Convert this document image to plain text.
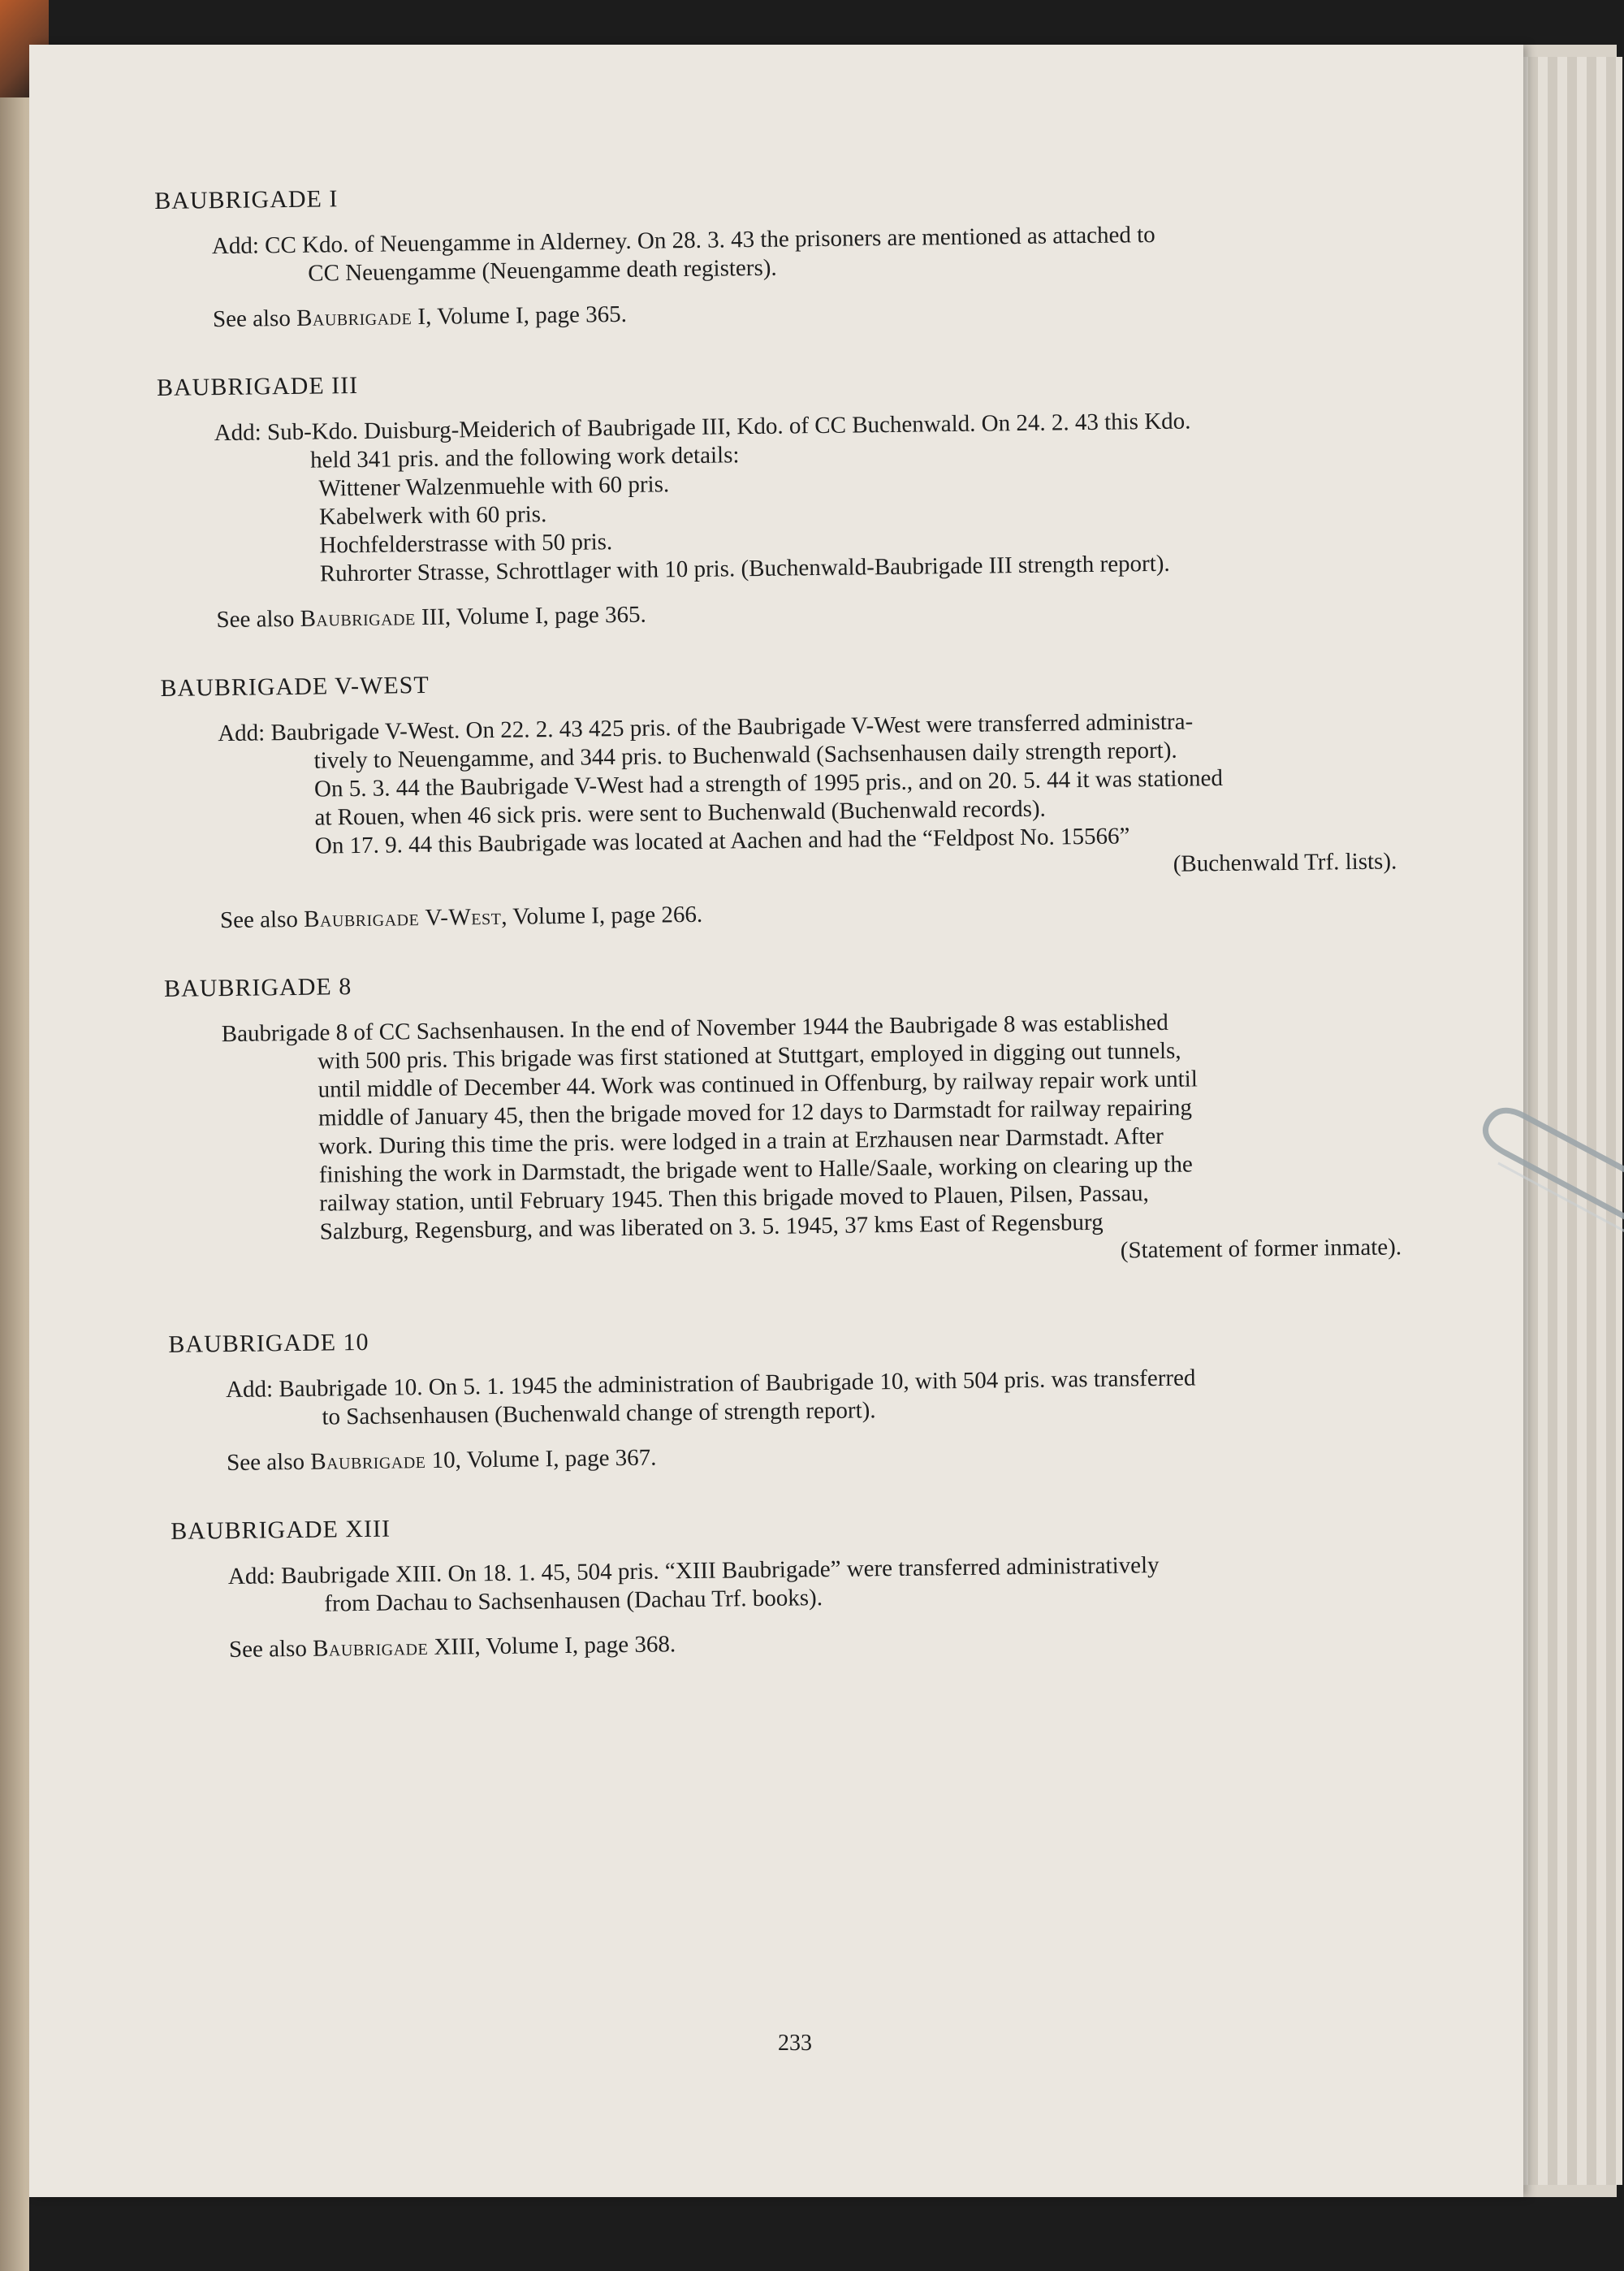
BAUBRIGADE I
Add: CC Kdo. of Neuengamme in Alderney. On 28. 3. 43 the prisoners are mentioned as attached to
CC Neuengamme (Neuengamme death registers).
See also Baubrigade I, Volume I, page 365.
BAUBRIGADE III
Add: Sub-Kdo. Duisburg-Meiderich of Baubrigade III, Kdo. of CC Buchenwald. On 24. 2. 43 this Kdo.
held 341 pris. and the following work details:
Wittener Walzenmuehle with 60 pris.
Kabelwerk with 60 pris.
Hochfelderstrasse with 50 pris.
Ruhrorter Strasse, Schrottlager with 10 pris. (Buchenwald-Baubrigade III strength report).
See also Baubrigade III, Volume I, page 365.
BAUBRIGADE V-WEST
Add: Baubrigade V-West. On 22. 2. 43 425 pris. of the Baubrigade V-West were transferred administra-
tively to Neuengamme, and 344 pris. to Buchenwald (Sachsenhausen daily strength report).
On 5. 3. 44 the Baubrigade V-West had a strength of 1995 pris., and on 20. 5. 44 it was stationed
at Rouen, when 46 sick pris. were sent to Buchenwald (Buchenwald records).
On 17. 9. 44 this Baubrigade was located at Aachen and had the “Feldpost No. 15566”
(Buchenwald Trf. lists).
See also Baubrigade V-West, Volume I, page 266.
BAUBRIGADE 8
Baubrigade 8 of CC Sachsenhausen. In the end of November 1944 the Baubrigade 8 was established
with 500 pris. This brigade was first stationed at Stuttgart, employed in digging out tunnels,
until middle of December 44. Work was continued in Offenburg, by railway repair work until
middle of January 45, then the brigade moved for 12 days to Darmstadt for railway repairing
work. During this time the pris. were lodged in a train at Erzhausen near Darmstadt. After
finishing the work in Darmstadt, the brigade went to Halle/Saale, working on clearing up the
railway station, until February 1945. Then this brigade moved to Plauen, Pilsen, Passau,
Salzburg, Regensburg, and was liberated on 3. 5. 1945, 37 kms East of Regensburg
(Statement of former inmate).
BAUBRIGADE 10
Add: Baubrigade 10. On 5. 1. 1945 the administration of Baubrigade 10, with 504 pris. was transferred
to Sachsenhausen (Buchenwald change of strength report).
See also Baubrigade 10, Volume I, page 367.
BAUBRIGADE XIII
Add: Baubrigade XIII. On 18. 1. 45, 504 pris. “XIII Baubrigade” were transferred administratively
from Dachau to Sachsenhausen (Dachau Trf. books).
See also Baubrigade XIII, Volume I, page 368.
233
